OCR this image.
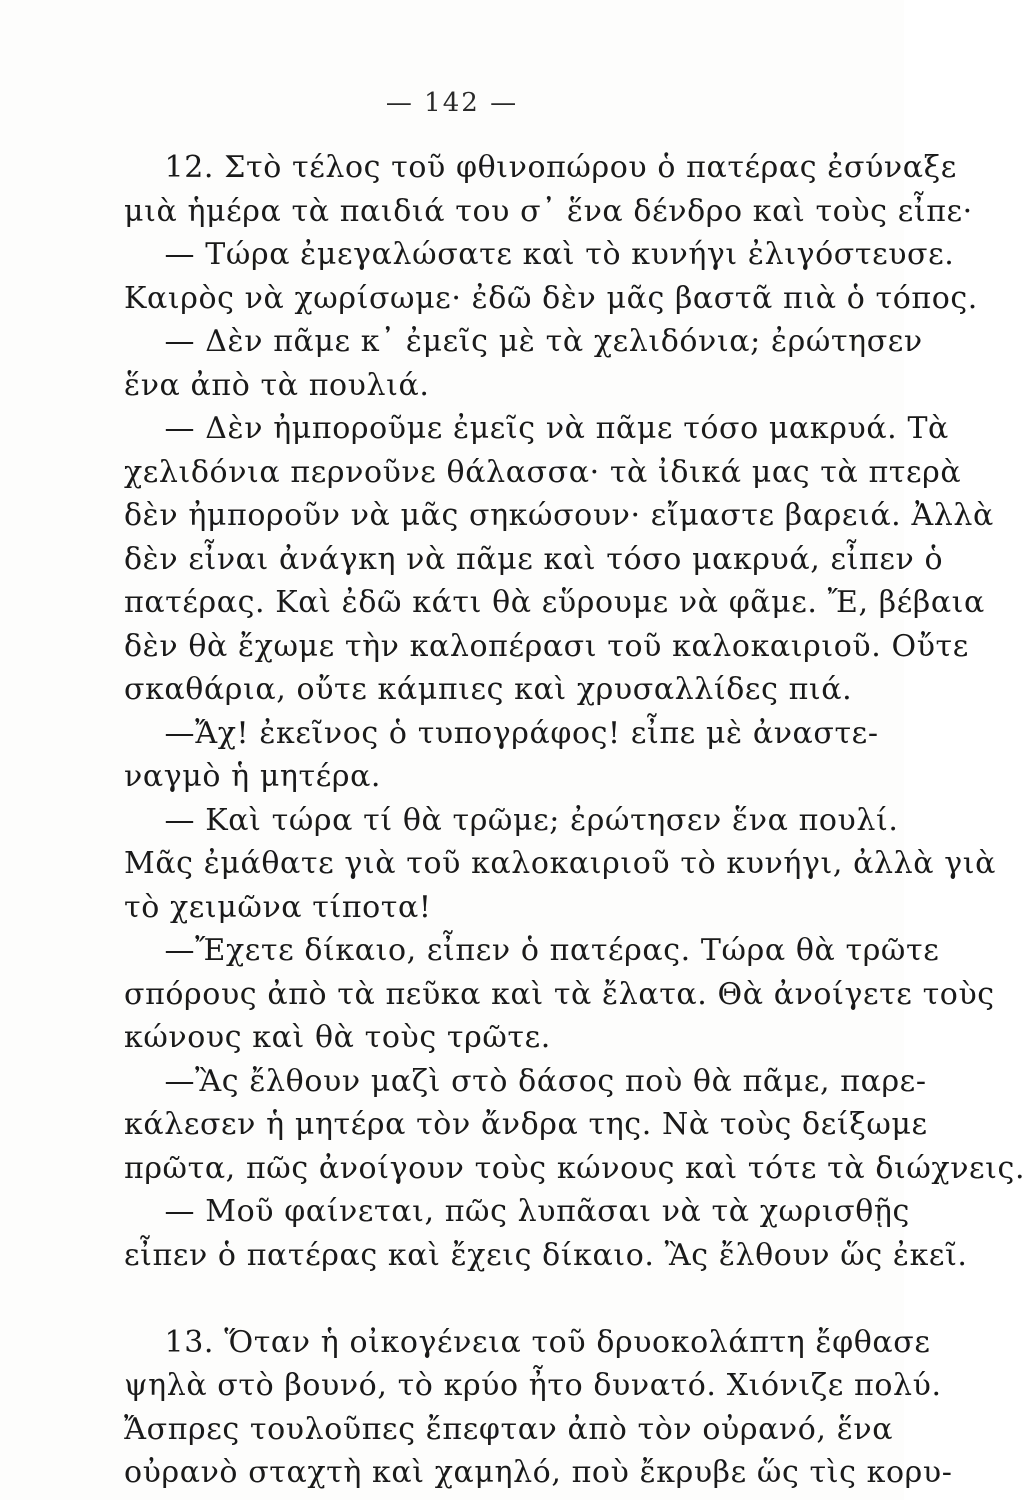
— 142 —
12. Στὸ τέλος τοῦ φθινοπώρου ὁ πατέρας ἐσύναξε
μιὰ ἡμέρα τὰ παιδιά του σ᾽ ἕνα δένδρο καὶ τοὺς εἶπε·
— Τώρα ἐμεγαλώσατε καὶ τὸ κυνήγι ἐλιγόστευσε.
Καιρὸς νὰ χωρίσωμε· ἐδῶ δὲν μᾶς βαστᾶ πιὰ ὁ τόπος.
— Δὲν πᾶμε κ᾽ ἐμεῖς μὲ τὰ χελιδόνια; ἐρώτησεν
ἕνα ἀπὸ τὰ πουλιά.
— Δὲν ἠμποροῦμε ἐμεῖς νὰ πᾶμε τόσο μακρυά. Τὰ
χελιδόνια περνοῦνε θάλασσα· τὰ ἰδικά μας τὰ πτερὰ
δὲν ἠμποροῦν νὰ μᾶς σηκώσουν· εἴμαστε βαρειά. Ἀλλὰ
δὲν εἶναι ἀνάγκη νὰ πᾶμε καὶ τόσο μακρυά, εἶπεν ὁ
πατέρας. Καὶ ἐδῶ κάτι θὰ εὕρουμε νὰ φᾶμε. Ἔ, βέβαια
δὲν θὰ ἔχωμε τὴν καλοπέρασι τοῦ καλοκαιριοῦ. Οὔτε
σκαθάρια, οὔτε κάμπιες καὶ χρυσαλλίδες πιά.
—Ἄχ! ἐκεῖνος ὁ τυπογράφος! εἶπε μὲ ἀναστε-
ναγμὸ ἡ μητέρα.
— Καὶ τώρα τί θὰ τρῶμε; ἐρώτησεν ἕνα πουλί.
Μᾶς ἐμάθατε γιὰ τοῦ καλοκαιριοῦ τὸ κυνήγι, ἀλλὰ γιὰ
τὸ χειμῶνα τίποτα!
—Ἔχετε δίκαιο, εἶπεν ὁ πατέρας. Τώρα θὰ τρῶτε
σπόρους ἀπὸ τὰ πεῦκα καὶ τὰ ἔλατα. Θὰ ἀνοίγετε τοὺς
κώνους καὶ θὰ τοὺς τρῶτε.
—Ἂς ἔλθουν μαζὶ στὸ δάσος ποὺ θὰ πᾶμε, παρε-
κάλεσεν ἡ μητέρα τὸν ἄνδρα της. Νὰ τοὺς δείξωμε
πρῶτα, πῶς ἀνοίγουν τοὺς κώνους καὶ τότε τὰ διώχνεις.
— Μοῦ φαίνεται, πῶς λυπᾶσαι νὰ τὰ χωρισθῇς
εἶπεν ὁ πατέρας καὶ ἔχεις δίκαιο. Ἂς ἔλθουν ὥς ἐκεῖ.
13. Ὅταν ἡ οἰκογένεια τοῦ δρυοκολάπτη ἔφθασε
ψηλὰ στὸ βουνό, τὸ κρύο ἦτο δυνατό. Χιόνιζε πολύ.
Ἄσπρες τουλοῦπες ἔπεφταν ἀπὸ τὸν οὐρανό, ἕνα
οὐρανὸ σταχτὴ καὶ χαμηλό, ποὺ ἔκρυβε ὥς τὶς κορυ-
